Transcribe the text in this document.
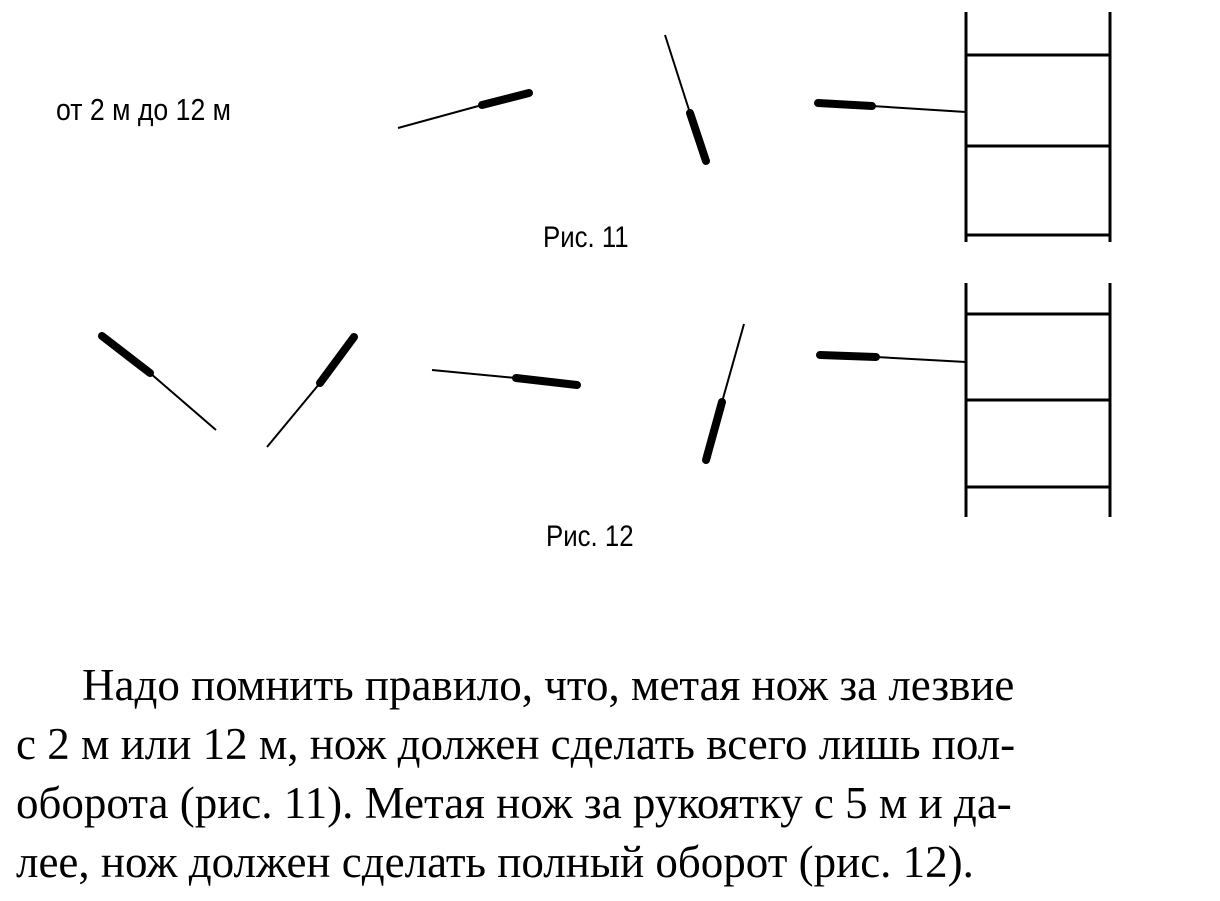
от 2 м до 12 м
Рис. 11
Рис. 12
Надо помнить правило, что, метая нож за лезвие
с 2 м или 12 м, нож должен сделать всего лишь пол-
оборота (рис. 11). Метая нож за рукоятку с 5 м и да-
лее, нож должен сделать полный оборот (рис. 12).
